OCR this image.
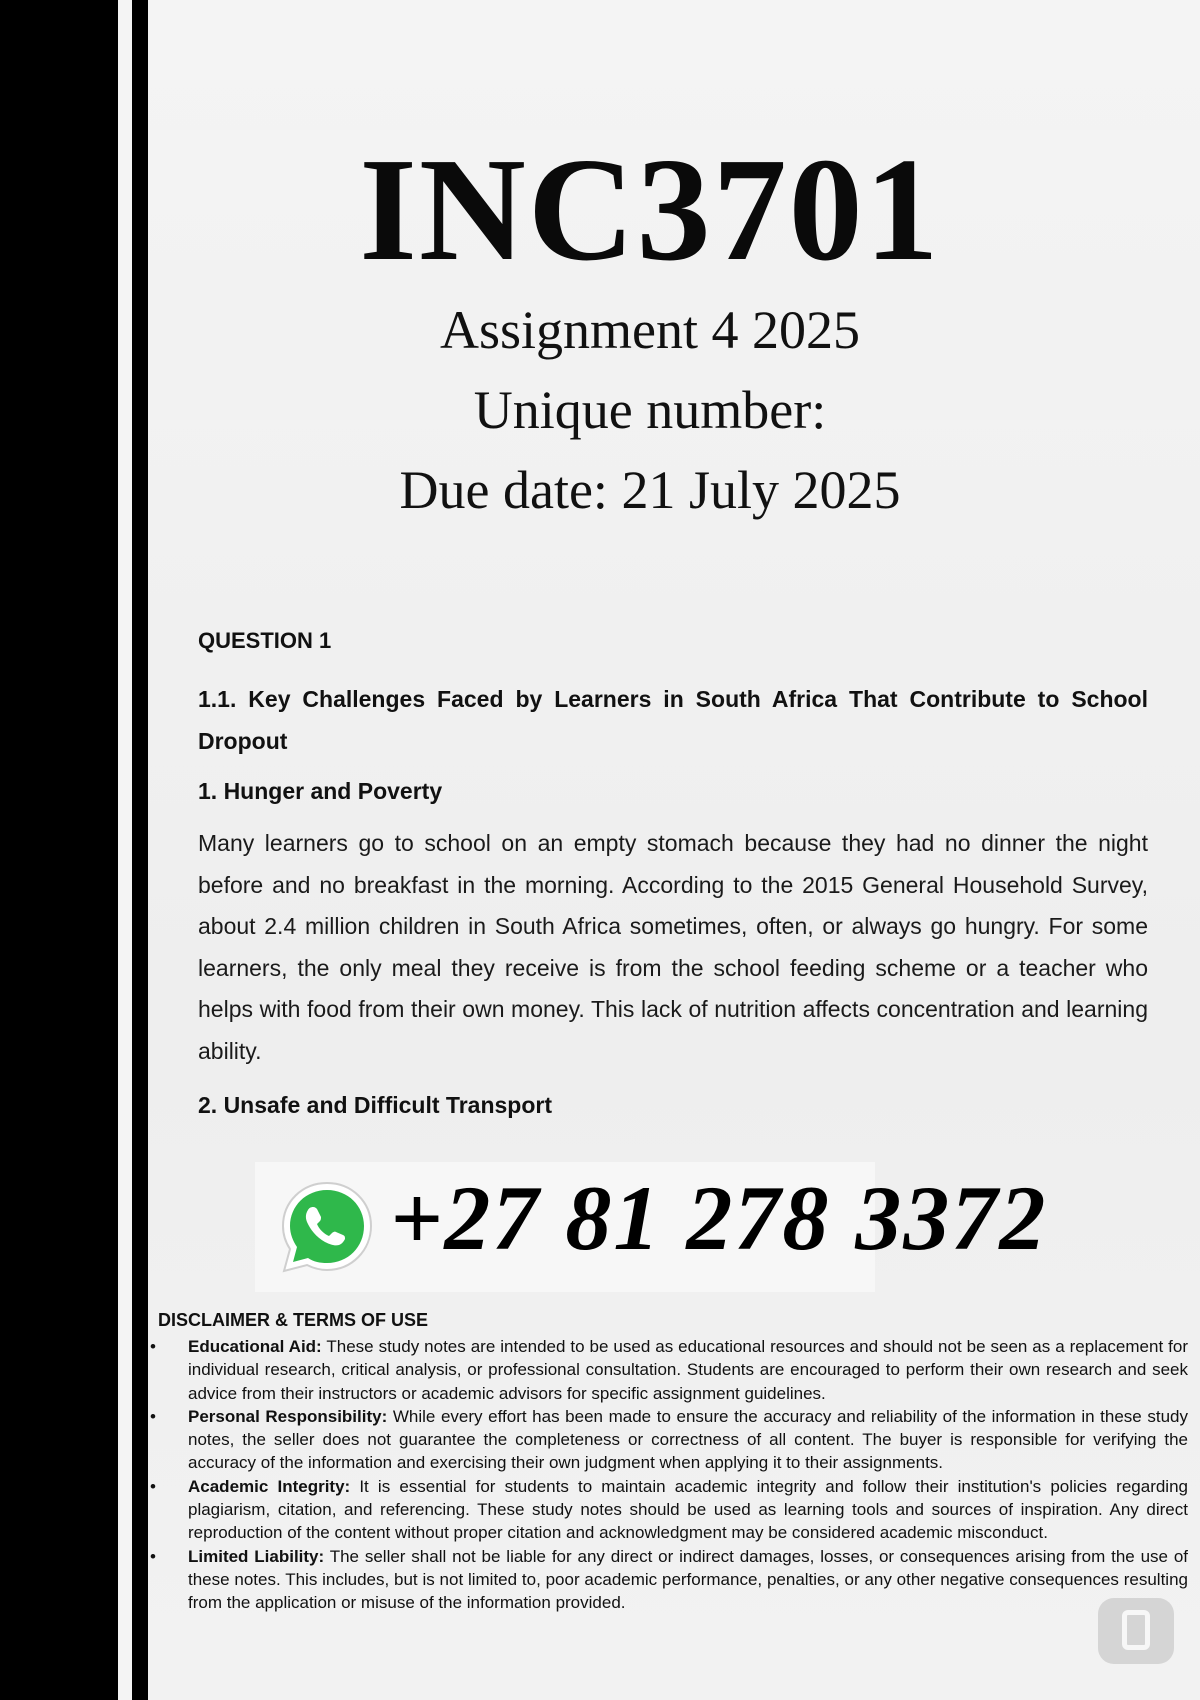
INC3701

Assignment 4 2025

Unique number:

Due date: 21 July 2025

QUESTION 1

1.1. Key Challenges Faced by Learners in South Africa That Contribute to School Dropout

1. Hunger and Poverty

Many learners go to school on an empty stomach because they had no dinner the night before and no breakfast in the morning. According to the 2015 General Household Survey, about 2.4 million children in South Africa sometimes, often, or always go hungry. For some learners, the only meal they receive is from the school feeding scheme or a teacher who helps with food from their own money. This lack of nutrition affects concentration and learning ability.

2. Unsafe and Difficult Transport

+27 81 278 3372

DISCLAIMER & TERMS OF USE

• Educational Aid: These study notes are intended to be used as educational resources and should not be seen as a replacement for individual research, critical analysis, or professional consultation. Students are encouraged to perform their own research and seek advice from their instructors or academic advisors for specific assignment guidelines.
• Personal Responsibility: While every effort has been made to ensure the accuracy and reliability of the information in these study notes, the seller does not guarantee the completeness or correctness of all content. The buyer is responsible for verifying the accuracy of the information and exercising their own judgment when applying it to their assignments.
• Academic Integrity: It is essential for students to maintain academic integrity and follow their institution's policies regarding plagiarism, citation, and referencing. These study notes should be used as learning tools and sources of inspiration. Any direct reproduction of the content without proper citation and acknowledgment may be considered academic misconduct.
• Limited Liability: The seller shall not be liable for any direct or indirect damages, losses, or consequences arising from the use of these notes. This includes, but is not limited to, poor academic performance, penalties, or any other negative consequences resulting from the application or misuse of the information provided.
